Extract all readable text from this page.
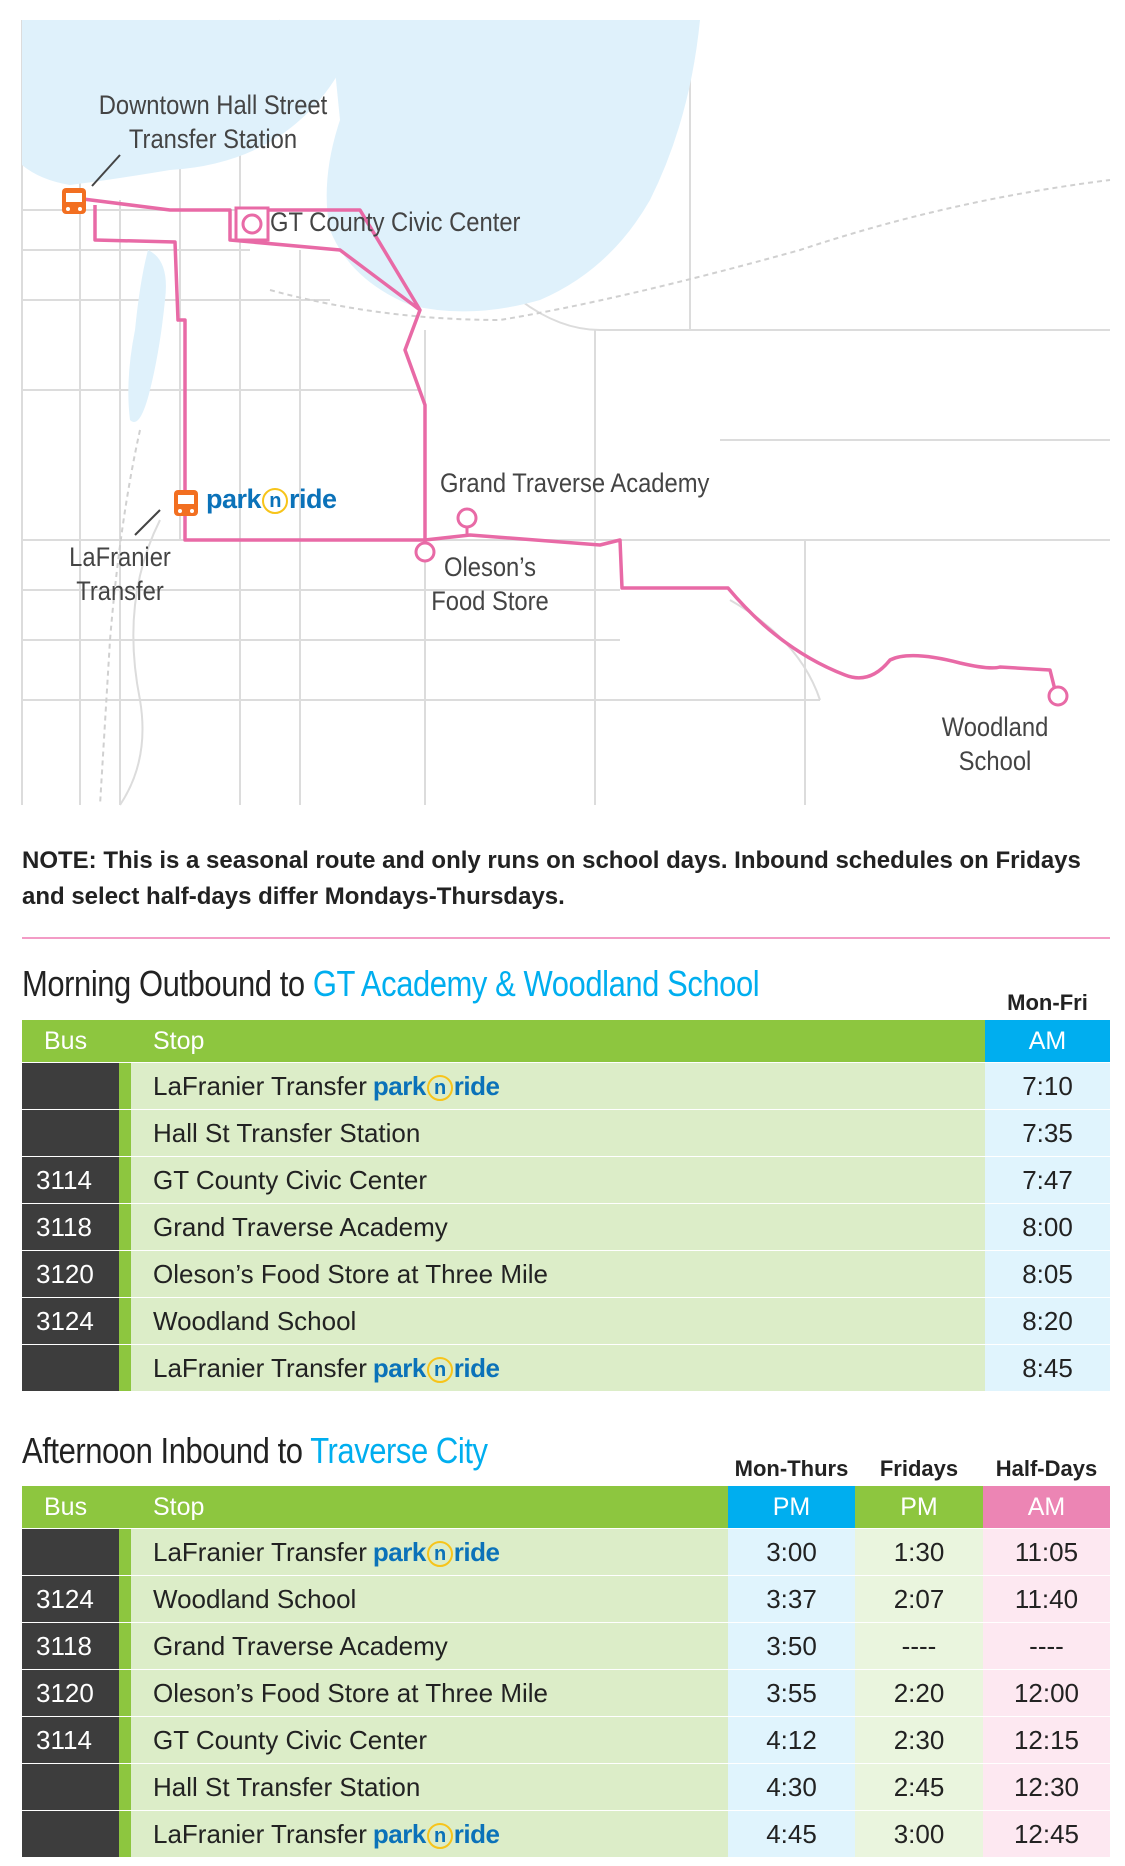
Downtown Hall Street
Transfer Station
GT County Civic Center
Grand Traverse Academy
Oleson’s
Food Store
LaFranier
Transfer
Woodland
School
park n ride
NOTE: This is a seasonal route and only runs on school days. Inbound schedules on Fridays and select half-days differ Mondays-Thursdays.
Morning Outbound to GT Academy & Woodland School	Mon-Fri
Bus		Stop	AM
		LaFranier Transfer park n ride	7:10
		Hall St Transfer Station	7:35
3114		GT County Civic Center	7:47
3118		Grand Traverse Academy	8:00
3120		Oleson’s Food Store at Three Mile	8:05
3124		Woodland School	8:20
		LaFranier Transfer park n ride	8:45
Afternoon Inbound to Traverse City	Mon-Thurs	Fridays	Half-Days
Bus		Stop	PM	PM	AM
		LaFranier Transfer park n ride	3:00	1:30	11:05
3124		Woodland School	3:37	2:07	11:40
3118		Grand Traverse Academy	3:50	----	----
3120		Oleson’s Food Store at Three Mile	3:55	2:20	12:00
3114		GT County Civic Center	4:12	2:30	12:15
		Hall St Transfer Station	4:30	2:45	12:30
		LaFranier Transfer park n ride	4:45	3:00	12:45
